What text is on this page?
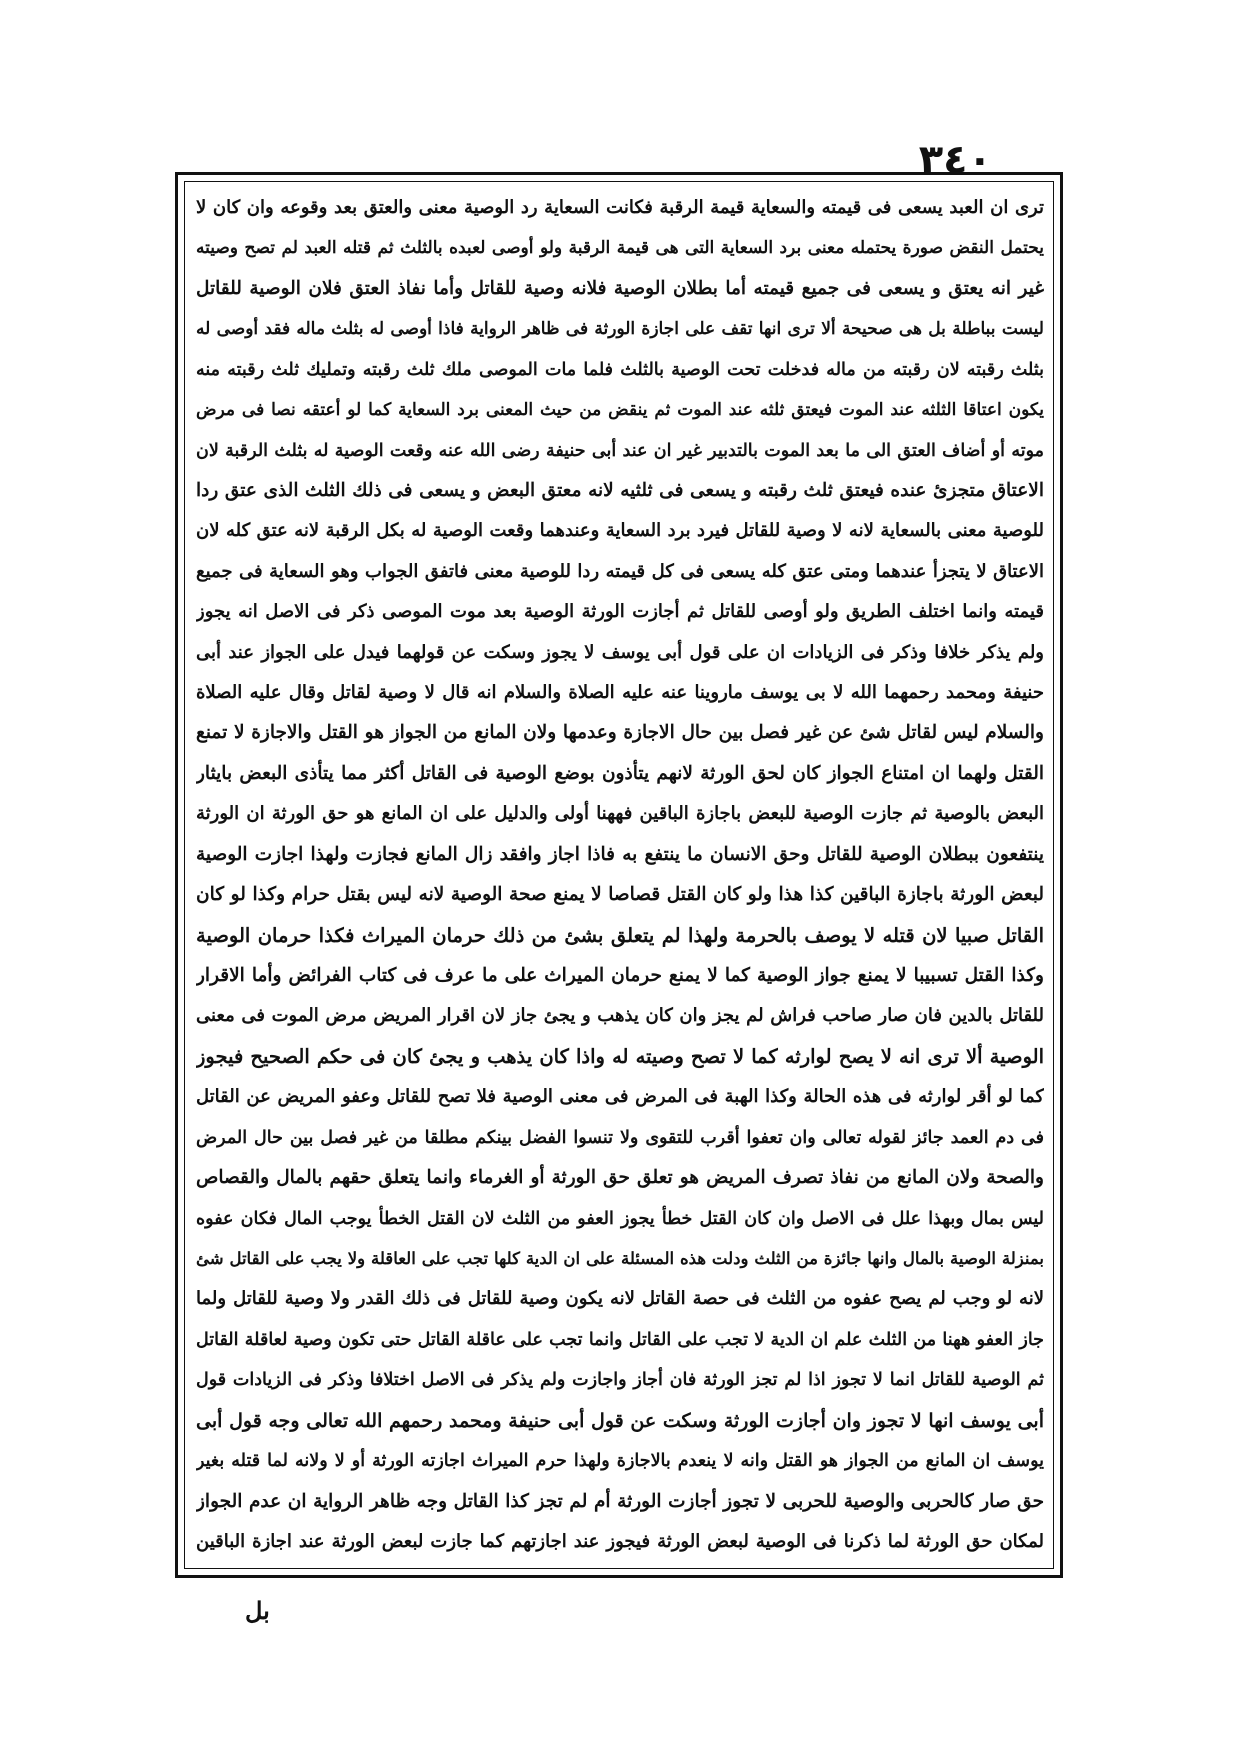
٣٤٠
ترى ان العبد يسعى فى قيمته والسعاية قيمة الرقبة فكانت السعاية رد الوصية معنى والعتق بعد وقوعه وان كان لا
يحتمل النقض صورة يحتمله معنى برد السعاية التى هى قيمة الرقبة ولو أوصى لعبده بالثلث ثم قتله العبد لم تصح وصيته
غير انه يعتق و يسعى فى جميع قيمته أما بطلان الوصية فلانه وصية للقاتل وأما نفاذ العتق فلان الوصية للقاتل
ليست بباطلة بل هى صحيحة ألا ترى انها تقف على اجازة الورثة فى ظاهر الرواية فاذا أوصى له بثلث ماله فقد أوصى له
بثلث رقبته لان رقبته من ماله فدخلت تحت الوصية بالثلث فلما مات الموصى ملك ثلث رقبته وتمليك ثلث رقبته منه
يكون اعتاقا الثلثه عند الموت فيعتق ثلثه عند الموت ثم ينقض من حيث المعنى برد السعاية كما لو أعتقه نصا فى مرض
موته أو أضاف العتق الى ما بعد الموت بالتدبير غير ان عند أبى حنيفة رضى الله عنه وقعت الوصية له بثلث الرقبة لان
الاعتاق متجزئ عنده فيعتق ثلث رقبته و يسعى فى ثلثيه لانه معتق البعض و يسعى فى ذلك الثلث الذى عتق ردا
للوصية معنى بالسعاية لانه لا وصية للقاتل فيرد برد السعاية وعندهما وقعت الوصية له بكل الرقبة لانه عتق كله لان
الاعتاق لا يتجزأ عندهما ومتى عتق كله يسعى فى كل قيمته ردا للوصية معنى فاتفق الجواب وهو السعاية فى جميع
قيمته وانما اختلف الطريق ولو أوصى للقاتل ثم أجازت الورثة الوصية بعد موت الموصى ذكر فى الاصل انه يجوز
ولم يذكر خلافا وذكر فى الزيادات ان على قول أبى يوسف لا يجوز وسكت عن قولهما فيدل على الجواز عند أبى
حنيفة ومحمد رحمهما الله لا بى يوسف ماروينا عنه عليه الصلاة والسلام انه قال لا وصية لقاتل وقال عليه الصلاة
والسلام ليس لقاتل شئ عن غير فصل بين حال الاجازة وعدمها ولان المانع من الجواز هو القتل والاجازة لا تمنع
القتل ولهما ان امتناع الجواز كان لحق الورثة لانهم يتأذون بوضع الوصية فى القاتل أكثر مما يتأذى البعض بايثار
البعض بالوصية ثم جازت الوصية للبعض باجازة الباقين فههنا أولى والدليل على ان المانع هو حق الورثة ان الورثة
ينتفعون ببطلان الوصية للقاتل وحق الانسان ما ينتفع به فاذا اجاز وافقد زال المانع فجازت ولهذا اجازت الوصية
لبعض الورثة باجازة الباقين كذا هذا ولو كان القتل قصاصا لا يمنع صحة الوصية لانه ليس بقتل حرام وكذا لو كان
القاتل صبيا لان قتله لا يوصف بالحرمة ولهذا لم يتعلق بشئ من ذلك حرمان الميراث فكذا حرمان الوصية
وكذا القتل تسبيبا لا يمنع جواز الوصية كما لا يمنع حرمان الميراث على ما عرف فى كتاب الفرائض وأما الاقرار
للقاتل بالدين فان صار صاحب فراش لم يجز وان كان يذهب و يجئ جاز لان اقرار المريض مرض الموت فى معنى
الوصية ألا ترى انه لا يصح لوارثه كما لا تصح وصيته له واذا كان يذهب و يجئ كان فى حكم الصحيح فيجوز
كما لو أقر لوارثه فى هذه الحالة وكذا الهبة فى المرض فى معنى الوصية فلا تصح للقاتل وعفو المريض عن القاتل
فى دم العمد جائز لقوله تعالى وان تعفوا أقرب للتقوى ولا تنسوا الفضل بينكم مطلقا من غير فصل بين حال المرض
والصحة ولان المانع من نفاذ تصرف المريض هو تعلق حق الورثة أو الغرماء وانما يتعلق حقهم بالمال والقصاص
ليس بمال وبهذا علل فى الاصل وان كان القتل خطأ يجوز العفو من الثلث لان القتل الخطأ يوجب المال فكان عفوه
بمنزلة الوصية بالمال وانها جائزة من الثلث ودلت هذه المسئلة على ان الدية كلها تجب على العاقلة ولا يجب على القاتل شئ
لانه لو وجب لم يصح عفوه من الثلث فى حصة القاتل لانه يكون وصية للقاتل فى ذلك القدر ولا وصية للقاتل ولما
جاز العفو ههنا من الثلث علم ان الدية لا تجب على القاتل وانما تجب على عاقلة القاتل حتى تكون وصية لعاقلة القاتل
ثم الوصية للقاتل انما لا تجوز اذا لم تجز الورثة فان أجاز واجازت ولم يذكر فى الاصل اختلافا وذكر فى الزيادات قول
أبى يوسف انها لا تجوز وان أجازت الورثة وسكت عن قول أبى حنيفة ومحمد رحمهم الله تعالى وجه قول أبى
يوسف ان المانع من الجواز هو القتل وانه لا ينعدم بالاجازة ولهذا حرم الميراث اجازته الورثة أو لا ولانه لما قتله بغير
حق صار كالحربى والوصية للحربى لا تجوز أجازت الورثة أم لم تجز كذا القاتل وجه ظاهر الرواية ان عدم الجواز
لمكان حق الورثة لما ذكرنا فى الوصية لبعض الورثة فيجوز عند اجازتهم كما جازت لبعض الورثة عند اجازة الباقين
بل
